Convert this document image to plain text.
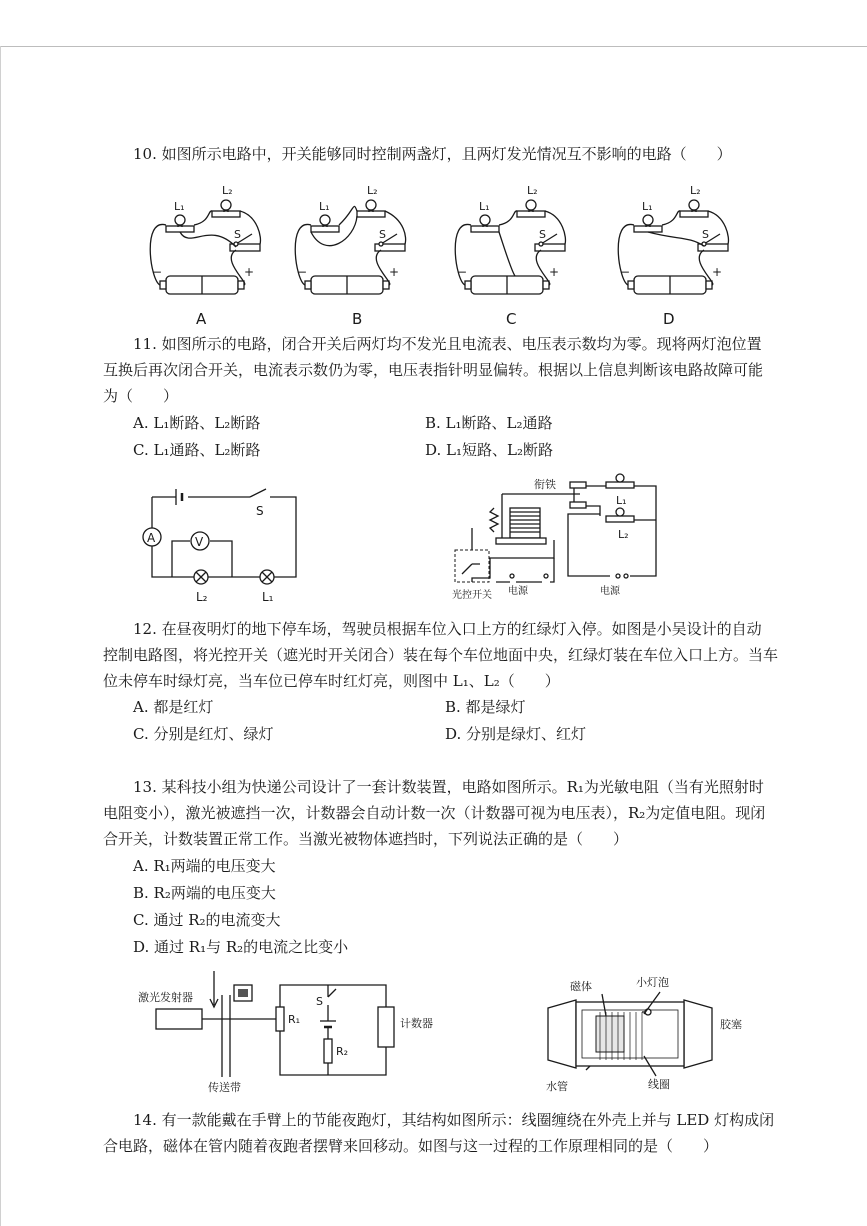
10. 如图所示电路中，开关能够同时控制两盏灯，且两灯发光情况互不影响的电路（　　）
L₁
L₂
S
−	+
L₁
L₂
S
−	+
L₁
L₂
S
−	+
L₁
L₂
S
−	+
A	B	C	D
11. 如图所示的电路，闭合开关后两灯均不发光且电流表、电压表示数均为零。现将两灯泡位置
互换后再次闭合开关，电流表示数仍为零，电压表指针明显偏转。根据以上信息判断该电路故障可能
为（　　）
A. L₁断路、L₂断路	B. L₁断路、L₂通路
C. L₁通路、L₂断路	D. L₁短路、L₂断路
A	V
S
L₂	L₁
衔铁
L₁
L₂
光控开关 电源	电源
12. 在昼夜明灯的地下停车场，驾驶员根据车位入口上方的红绿灯入停。如图是小吴设计的自动
控制电路图，将光控开关（遮光时开关闭合）装在每个车位地面中央，红绿灯装在车位入口上方。当车
位未停车时绿灯亮，当车位已停车时红灯亮，则图中 L₁、L₂（　　）
A. 都是红灯	B. 都是绿灯
C. 分别是红灯、绿灯	D. 分别是绿灯、红灯
13. 某科技小组为快递公司设计了一套计数装置，电路如图所示。R₁为光敏电阻（当有光照射时
电阻变小），激光被遮挡一次，计数器会自动计数一次（计数器可视为电压表），R₂为定值电阻。现闭
合开关，计数装置正常工作。当激光被物体遮挡时，下列说法正确的是（　　）
A. R₁两端的电压变大
B. R₂两端的电压变大
C. 通过 R₂的电流变大
D. 通过 R₁与 R₂的电流之比变小
激光发射器
传送带
R₁
R₂
S
计数器
磁体	小灯泡
胶塞
水管	线圈
14. 有一款能戴在手臂上的节能夜跑灯，其结构如图所示：线圈缠绕在外壳上并与 LED 灯构成闭
合电路，磁体在管内随着夜跑者摆臂来回移动。如图与这一过程的工作原理相同的是（　　）
